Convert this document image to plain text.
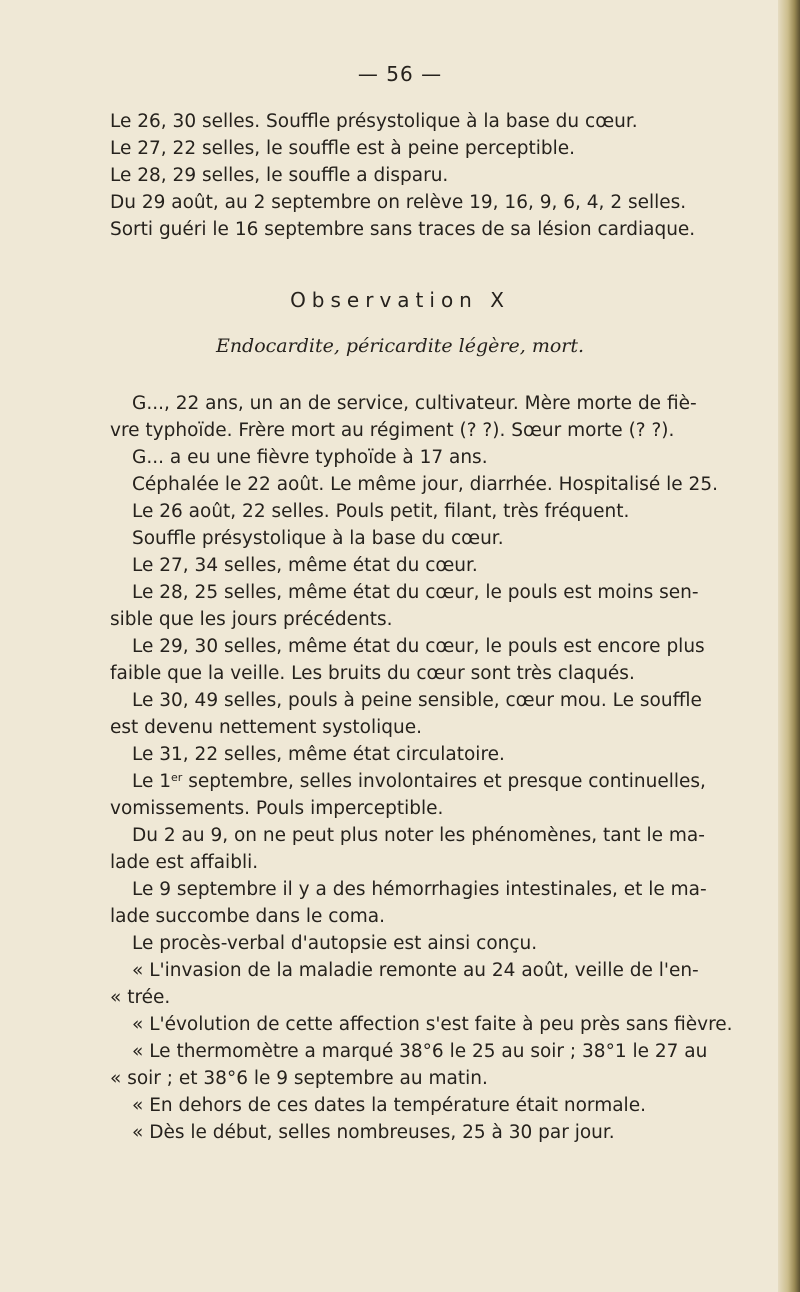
— 56 —
Le 26, 30 selles. Souffle présystolique à la base du cœur.
Le 27, 22 selles, le souffle est à peine perceptible.
Le 28, 29 selles, le souffle a disparu.
Du 29 août, au 2 septembre on relève 19, 16, 9, 6, 4, 2 selles.
Sorti guéri le 16 septembre sans traces de sa lésion cardiaque.
Observation X
Endocardite, péricardite légère, mort.
G..., 22 ans, un an de service, cultivateur. Mère morte de fiè-
vre typhoïde. Frère mort au régiment (? ?). Sœur morte (? ?).
G... a eu une fièvre typhoïde à 17 ans.
Céphalée le 22 août. Le même jour, diarrhée. Hospitalisé le 25.
Le 26 août, 22 selles. Pouls petit, filant, très fréquent.
Souffle présystolique à la base du cœur.
Le 27, 34 selles, même état du cœur.
Le 28, 25 selles, même état du cœur, le pouls est moins sen-
sible que les jours précédents.
Le 29, 30 selles, même état du cœur, le pouls est encore plus
faible que la veille. Les bruits du cœur sont très claqués.
Le 30, 49 selles, pouls à peine sensible, cœur mou. Le souffle
est devenu nettement systolique.
Le 31, 22 selles, même état circulatoire.
Le 1er septembre, selles involontaires et presque continuelles,
vomissements. Pouls imperceptible.
Du 2 au 9, on ne peut plus noter les phénomènes, tant le ma-
lade est affaibli.
Le 9 septembre il y a des hémorrhagies intestinales, et le ma-
lade succombe dans le coma.
Le procès-verbal d'autopsie est ainsi conçu.
« L'invasion de la maladie remonte au 24 août, veille de l'en-
« trée.
« L'évolution de cette affection s'est faite à peu près sans fièvre.
« Le thermomètre a marqué 38°6 le 25 au soir ; 38°1 le 27 au
« soir ; et 38°6 le 9 septembre au matin.
« En dehors de ces dates la température était normale.
« Dès le début, selles nombreuses, 25 à 30 par jour.
